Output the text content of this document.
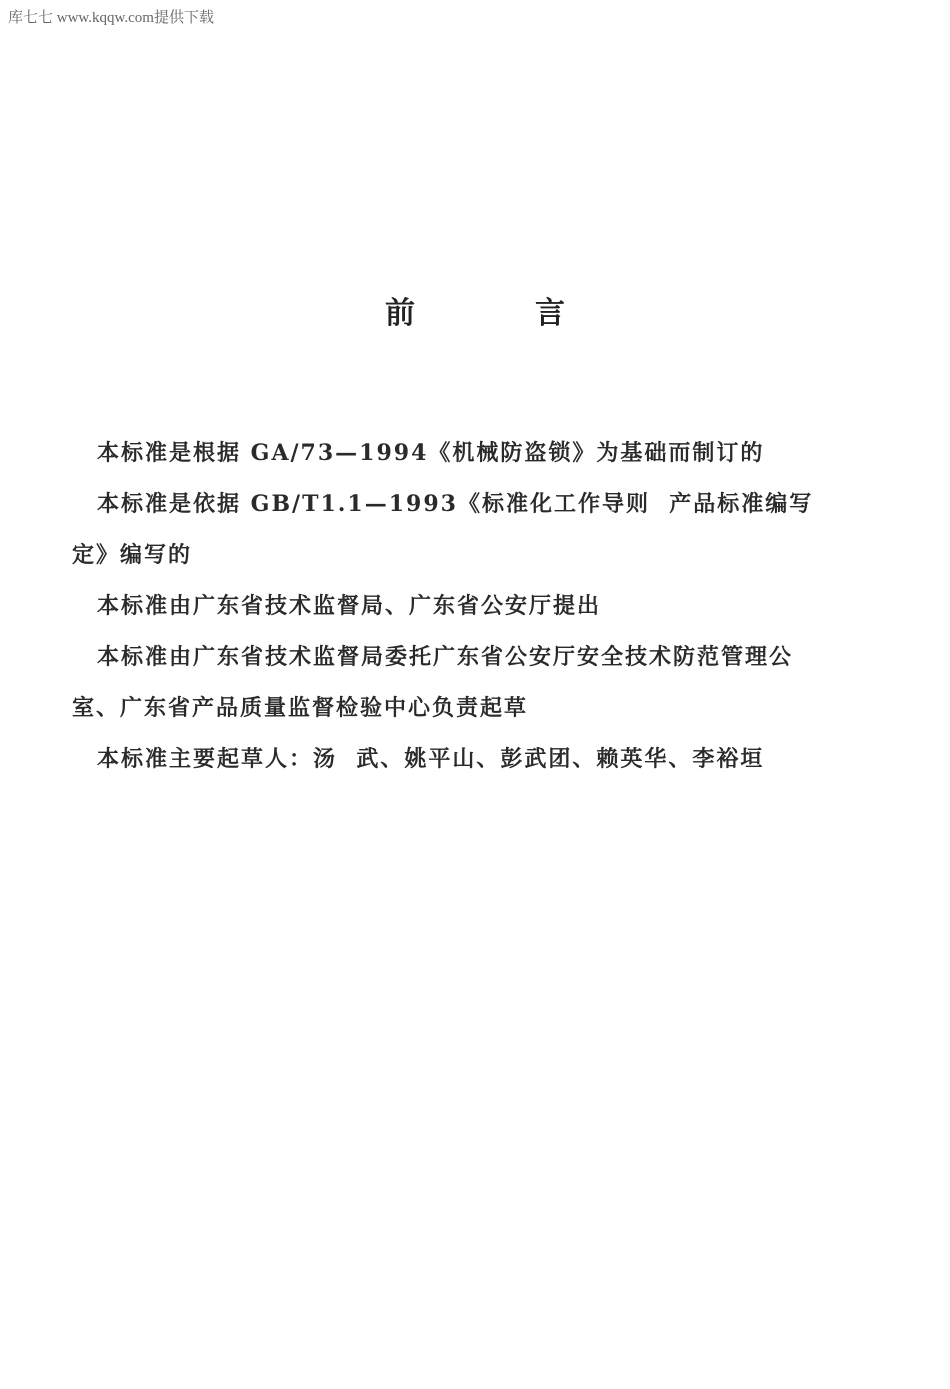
库七七 www.kqqw.com提供下载
前	言

本标准是根据 GA/73—1994《机械防盗锁》为基础而制订的

本标准是依据 GB/T1.1—1993《标准化工作导则  产品标准编写定》编写的

本标准由广东省技术监督局、广东省公安厅提出

本标准由广东省技术监督局委托广东省公安厅安全技术防范管理公室、广东省产品质量监督检验中心负责起草

本标准主要起草人：汤  武、姚平山、彭武团、赖英华、李裕垣
